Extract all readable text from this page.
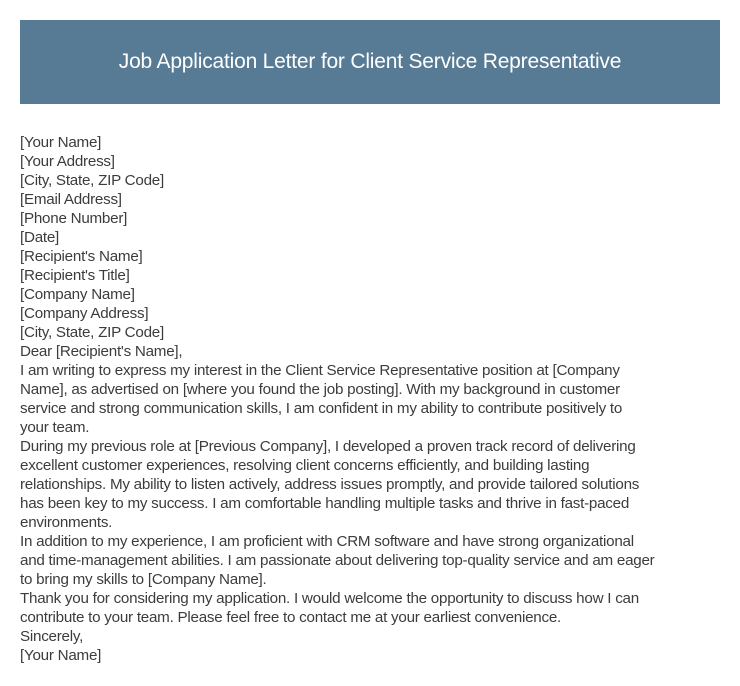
Job Application Letter for Client Service Representative
[Your Name]
[Your Address]
[City, State, ZIP Code]
[Email Address]
[Phone Number]
[Date]
[Recipient's Name]
[Recipient's Title]
[Company Name]
[Company Address]
[City, State, ZIP Code]
Dear [Recipient's Name],
I am writing to express my interest in the Client Service Representative position at [Company
Name], as advertised on [where you found the job posting]. With my background in customer
service and strong communication skills, I am confident in my ability to contribute positively to
your team.
During my previous role at [Previous Company], I developed a proven track record of delivering
excellent customer experiences, resolving client concerns efficiently, and building lasting
relationships. My ability to listen actively, address issues promptly, and provide tailored solutions
has been key to my success. I am comfortable handling multiple tasks and thrive in fast-paced
environments.
In addition to my experience, I am proficient with CRM software and have strong organizational
and time-management abilities. I am passionate about delivering top-quality service and am eager
to bring my skills to [Company Name].
Thank you for considering my application. I would welcome the opportunity to discuss how I can
contribute to your team. Please feel free to contact me at your earliest convenience.
Sincerely,
[Your Name]
